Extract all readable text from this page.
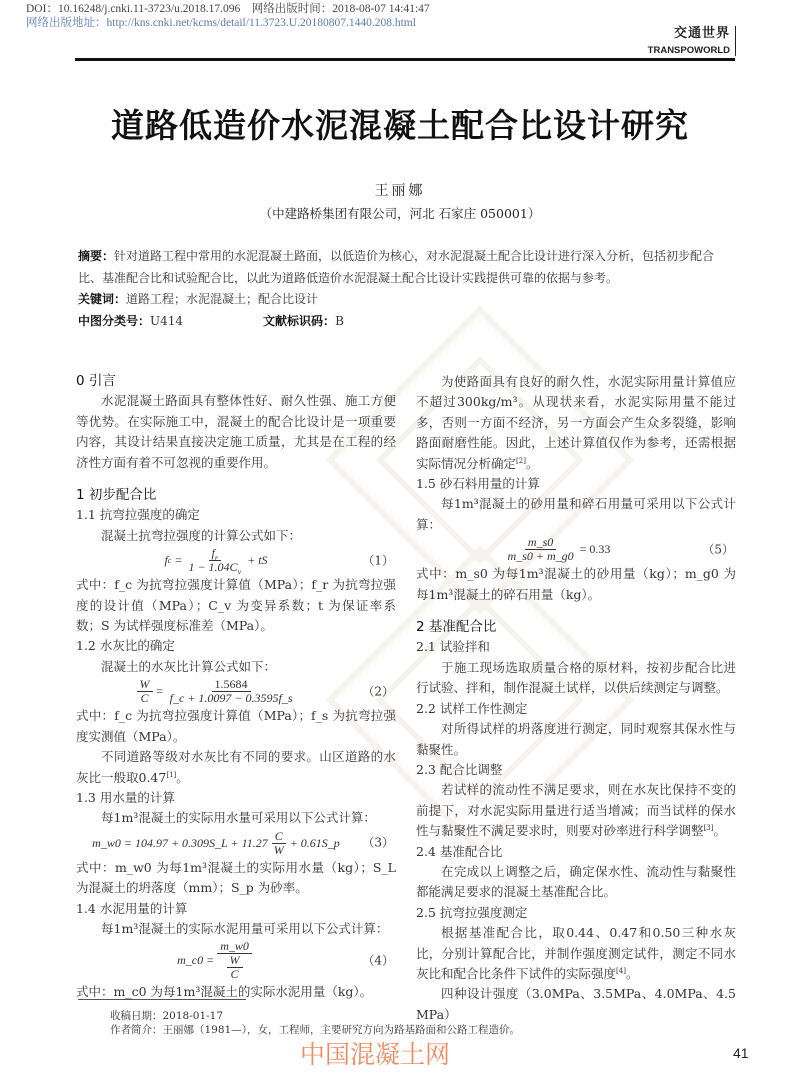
DOI：10.16248/j.cnki.11-3723/u.2018.17.096　网络出版时间：2018-08-07 14:41:47
网络出版地址：http://kns.cnki.net/kcms/detail/11.3723.U.20180807.1440.208.html
交通世界
TRANSPOWORLD
道路低造价水泥混凝土配合比设计研究
王丽娜
（中建路桥集团有限公司，河北 石家庄 050001）
摘要：针对道路工程中常用的水泥混凝土路面，以低造价为核心，对水泥混凝土配合比设计进行深入分析，包括初步配合比、基准配合比和试验配合比，以此为道路低造价水泥混凝土配合比设计实践提供可靠的依据与参考。
关键词：道路工程；水泥混凝土；配合比设计
中图分类号：U414	文献标识码：B

0 引言

水泥混凝土路面具有整体性好、耐久性强、施工方便等优势。在实际施工中，混凝土的配合比设计是一项重要内容，其设计结果直接决定施工质量，尤其是在工程的经济性方面有着不可忽视的重要作用。

1 初步配合比

1.1 抗弯拉强度的确定

混凝土抗弯拉强度的计算公式如下：

f $c = \frac{f_r}{1 - 1.04C_v}$ + tS	（1）

式中：f_c 为抗弯拉强度计算值（MPa）；f_r 为抗弯拉强度的设计值（MPa）；C_v 为变异系数；t 为保证率系数；S 为试样强度标准差（MPa）。

1.2 水灰比的确定

混凝土的水灰比计算公式如下：

$\frac{W}{C} = \frac{1.5684}{f\_c + 1.0097 - 0.3595f\_s}$	（2）

式中：f_c 为抗弯拉强度计算值（MPa）；f_s 为抗弯拉强度实测值（MPa）。

不同道路等级对水灰比有不同的要求。山区道路的水灰比一般取0.47[1]。

1.3 用水量的计算

每1m³混凝土的实际用水量可采用以下公式计算：

m_w0 = 104.97 + 0.309S_L + $11.27 \frac{C}{W}$ + 0.61S_p （3）

式中：m_w0 为每1m³混凝土的实际用水量（kg）；S_L 为混凝土的坍落度（mm）；S_p 为砂率。

1.4 水泥用量的计算

每1m³混凝土的实际水泥用量可采用以下公式计算：

m_c0 = $\frac{m\_w0}{\frac{W}{C}}$	（4）

式中：m_c0 为每1m³混凝土的实际水泥用量（kg）。

为使路面具有良好的耐久性，水泥实际用量计算值应不超过300kg/m³。从现状来看，水泥实际用量不能过多，否则一方面不经济，另一方面会产生众多裂缝，影响路面耐磨性能。因此，上述计算值仅作为参考，还需根据实际情况分析确定[2]。

1.5 砂石料用量的计算

每1m³混凝土的砂用量和碎石用量可采用以下公式计算：

$\frac{m\_s0}{m\_s0 + m\_g0} = 0.33$	（5）

式中：m_s0 为每1m³混凝土的砂用量（kg）；m_g0 为每1m³混凝土的碎石用量（kg）。

2 基准配合比

2.1 试验拌和

于施工现场选取质量合格的原材料，按初步配合比进行试验、拌和，制作混凝土试样，以供后续测定与调整。

2.2 试样工作性测定

对所得试样的坍落度进行测定，同时观察其保水性与黏聚性。

2.3 配合比调整

若试样的流动性不满足要求，则在水灰比保持不变的前提下，对水泥实际用量进行适当增减；而当试样的保水性与黏聚性不满足要求时，则要对砂率进行科学调整[3]。

2.4 基准配合比

在完成以上调整之后，确定保水性、流动性与黏聚性都能满足要求的混凝土基准配合比。

2.5 抗弯拉强度测定

根据基准配合比，取0.44、0.47和0.50三种水灰比，分别计算配合比，并制作强度测定试件，测定不同水灰比和配合比条件下试件的实际强度[4]。

四种设计强度（3.0MPa、3.5MPa、4.0MPa、4.5MPa）

收稿日期：2018-01-17
作者简介：王丽娜（1981—），女，工程师，主要研究方向为路基路面和公路工程造价。
中国混凝土网	41
